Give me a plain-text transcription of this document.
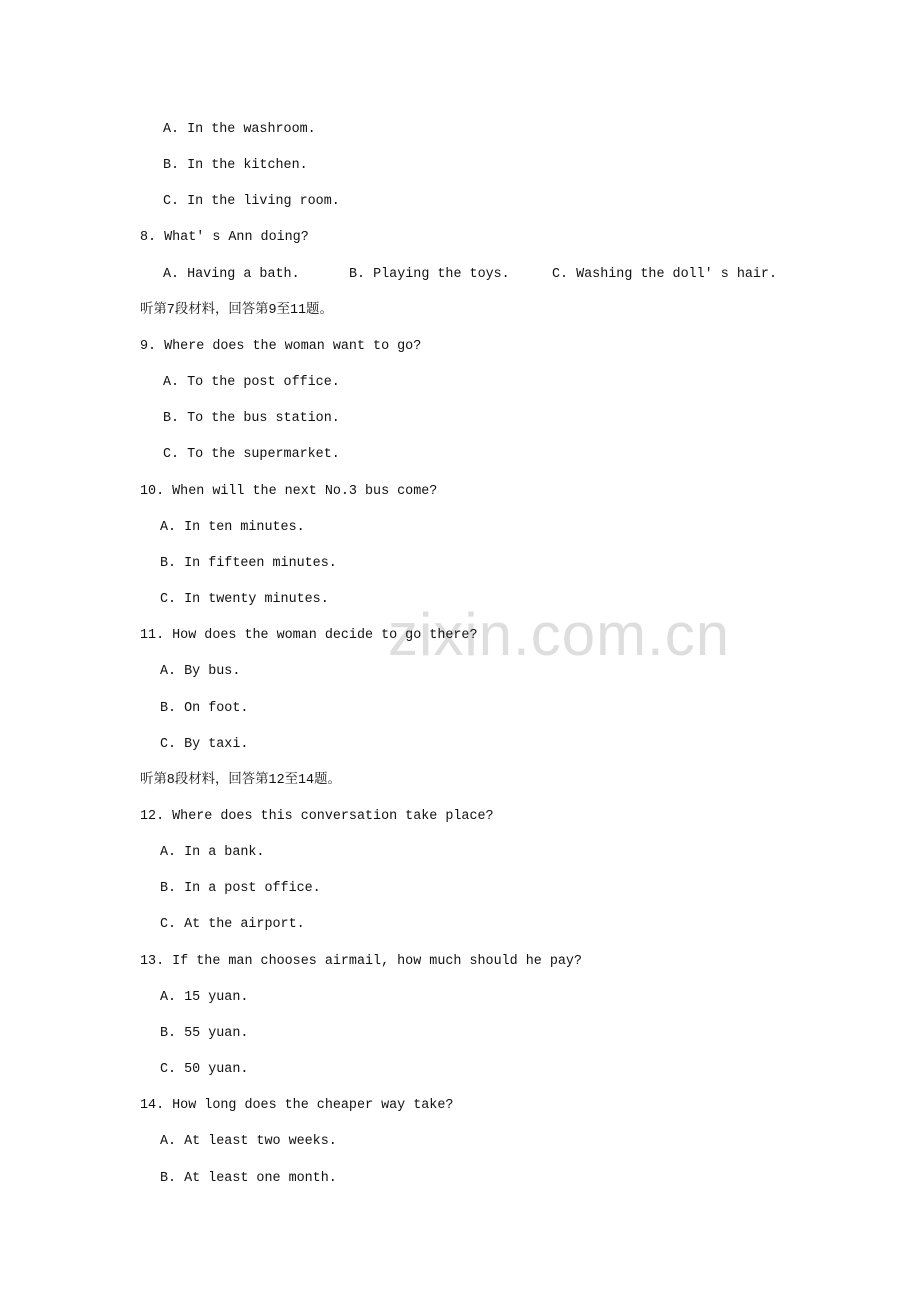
zixin.com.cn
A. In the washroom.
B. In the kitchen.
C. In the living room.
8. What′ s Ann doing?
A. Having a bath.	B. Playing the toys.	C. Washing the doll′ s hair.
听第7段材料，回答第9至11题。
9. Where does the woman want to go?
A. To the post office.
B. To the bus station.
C. To the supermarket.
10. When will the next No.3 bus come?
A. In ten minutes.
B. In fifteen minutes.
C. In twenty minutes.
11. How does the woman decide to go there?
A. By bus.
B. On foot.
C. By taxi.
听第8段材料，回答第12至14题。
12. Where does this conversation take place?
A. In a bank.
B. In a post office.
C. At the airport.
13. If the man chooses airmail, how much should he pay?
A. 15 yuan.
B. 55 yuan.
C. 50 yuan.
14. How long does the cheaper way take?
A. At least two weeks.
B. At least one month.
